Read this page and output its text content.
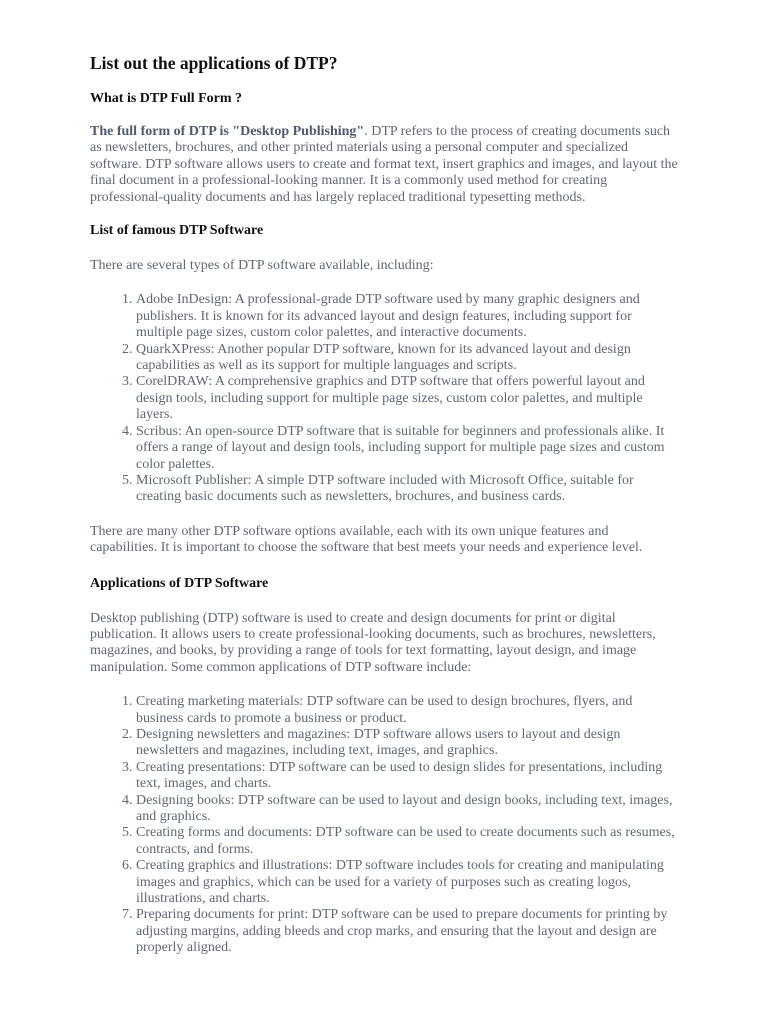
List out the applications of DTP?
What is DTP Full Form ?

The full form of DTP is "Desktop Publishing". DTP refers to the process of creating documents such as newsletters, brochures, and other printed materials using a personal computer and specialized software. DTP software allows users to create and format text, insert graphics and images, and layout the final document in a professional-looking manner. It is a commonly used method for creating professional-quality documents and has largely replaced traditional typesetting methods.

List of famous DTP Software

There are several types of DTP software available, including:

1. Adobe InDesign: A professional-grade DTP software used by many graphic designers and publishers. It is known for its advanced layout and design features, including support for multiple page sizes, custom color palettes, and interactive documents.
2. QuarkXPress: Another popular DTP software, known for its advanced layout and design capabilities as well as its support for multiple languages and scripts.
3. CorelDRAW: A comprehensive graphics and DTP software that offers powerful layout and design tools, including support for multiple page sizes, custom color palettes, and multiple layers.
4. Scribus: An open-source DTP software that is suitable for beginners and professionals alike. It offers a range of layout and design tools, including support for multiple page sizes and custom color palettes.
5. Microsoft Publisher: A simple DTP software included with Microsoft Office, suitable for creating basic documents such as newsletters, brochures, and business cards.

There are many other DTP software options available, each with its own unique features and capabilities. It is important to choose the software that best meets your needs and experience level.

Applications of DTP Software

Desktop publishing (DTP) software is used to create and design documents for print or digital publication. It allows users to create professional-looking documents, such as brochures, newsletters, magazines, and books, by providing a range of tools for text formatting, layout design, and image manipulation. Some common applications of DTP software include:

1. Creating marketing materials: DTP software can be used to design brochures, flyers, and business cards to promote a business or product.
2. Designing newsletters and magazines: DTP software allows users to layout and design newsletters and magazines, including text, images, and graphics.
3. Creating presentations: DTP software can be used to design slides for presentations, including text, images, and charts.
4. Designing books: DTP software can be used to layout and design books, including text, images, and graphics.
5. Creating forms and documents: DTP software can be used to create documents such as resumes, contracts, and forms.
6. Creating graphics and illustrations: DTP software includes tools for creating and manipulating images and graphics, which can be used for a variety of purposes such as creating logos, illustrations, and charts.
7. Preparing documents for print: DTP software can be used to prepare documents for printing by adjusting margins, adding bleeds and crop marks, and ensuring that the layout and design are properly aligned.
